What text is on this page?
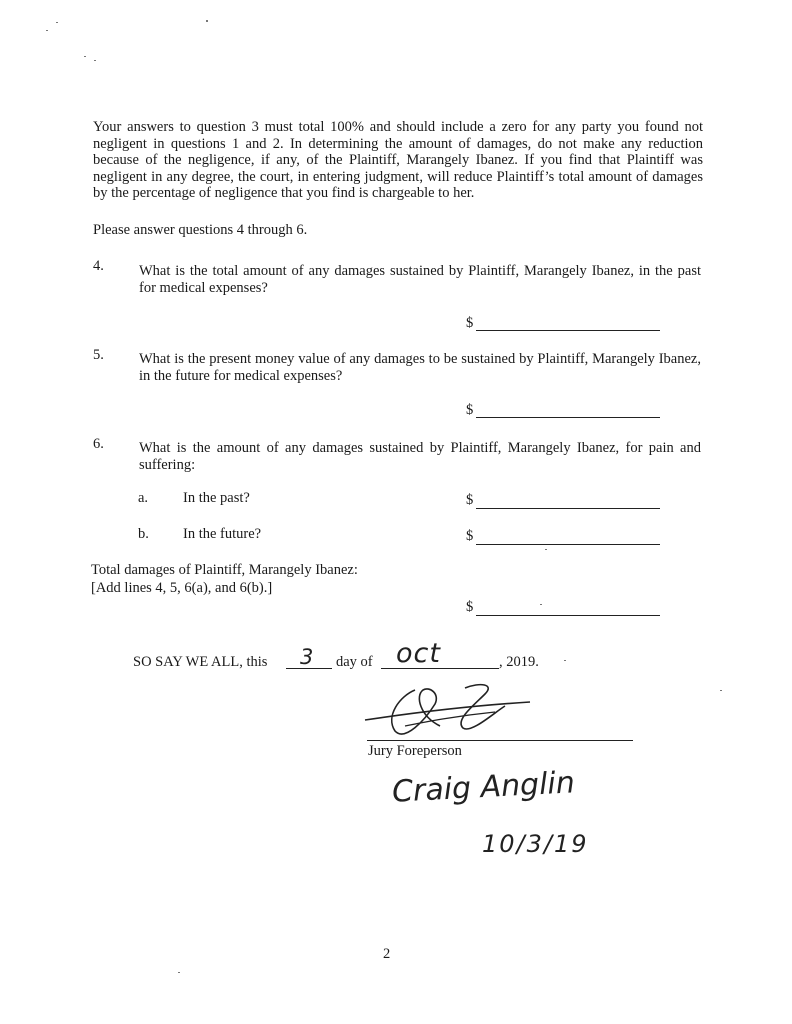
Your answers to question 3 must total 100% and should include a zero for any party you found not negligent in questions 1 and 2. In determining the amount of damages, do not make any reduction because of the negligence, if any, of the Plaintiff, Marangely Ibanez. If you find that Plaintiff was negligent in any degree, the court, in entering judgment, will reduce Plaintiff’s total amount of damages by the percentage of negligence that you find is chargeable to her.
Please answer questions 4 through 6.
4. What is the total amount of any damages sustained by Plaintiff, Marangely Ibanez, in the past for medical expenses?
$
5. What is the present money value of any damages to be sustained by Plaintiff, Marangely Ibanez, in the future for medical expenses?
$
6. What is the amount of any damages sustained by Plaintiff, Marangely Ibanez, for pain and suffering:
a. In the past?	$
b. In the future?	$
Total damages of Plaintiff, Marangely Ibanez:
[Add lines 4, 5, 6(a), and 6(b).]
$
SO SAY WE ALL, this 3 day of oct	, 2019.
Jury Foreperson
Craig Anglin
10/3/19
2
